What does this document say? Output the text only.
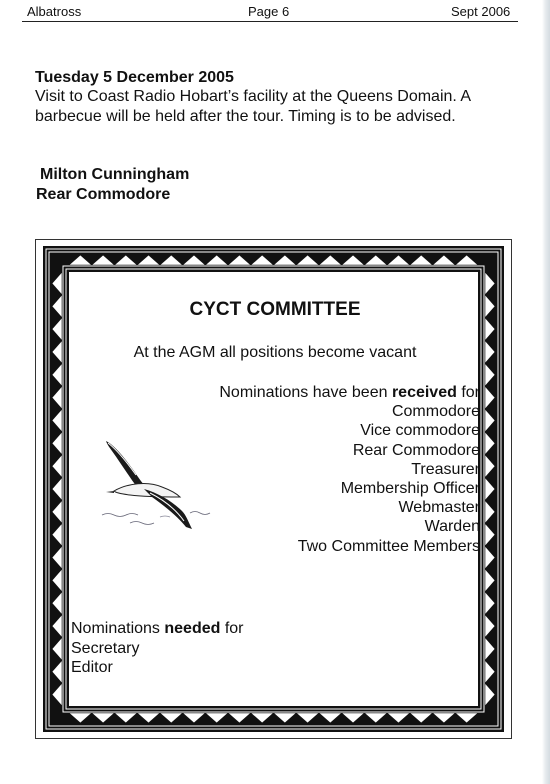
Albatross	Page 6	Sept 2006
Tuesday 5 December 2005
Visit to Coast Radio Hobart’s facility at the Queens Domain. A barbecue will be held after the tour. Timing is to be advised.
Milton Cunningham
Rear Commodore
CYCT COMMITTEE
At the AGM all positions become vacant
Nominations have been received for
Commodore
Vice commodore
Rear Commodore
Treasurer
Membership Officer
Webmaster
Warden
Two Committee Members
Nominations needed for
Secretary
Editor
